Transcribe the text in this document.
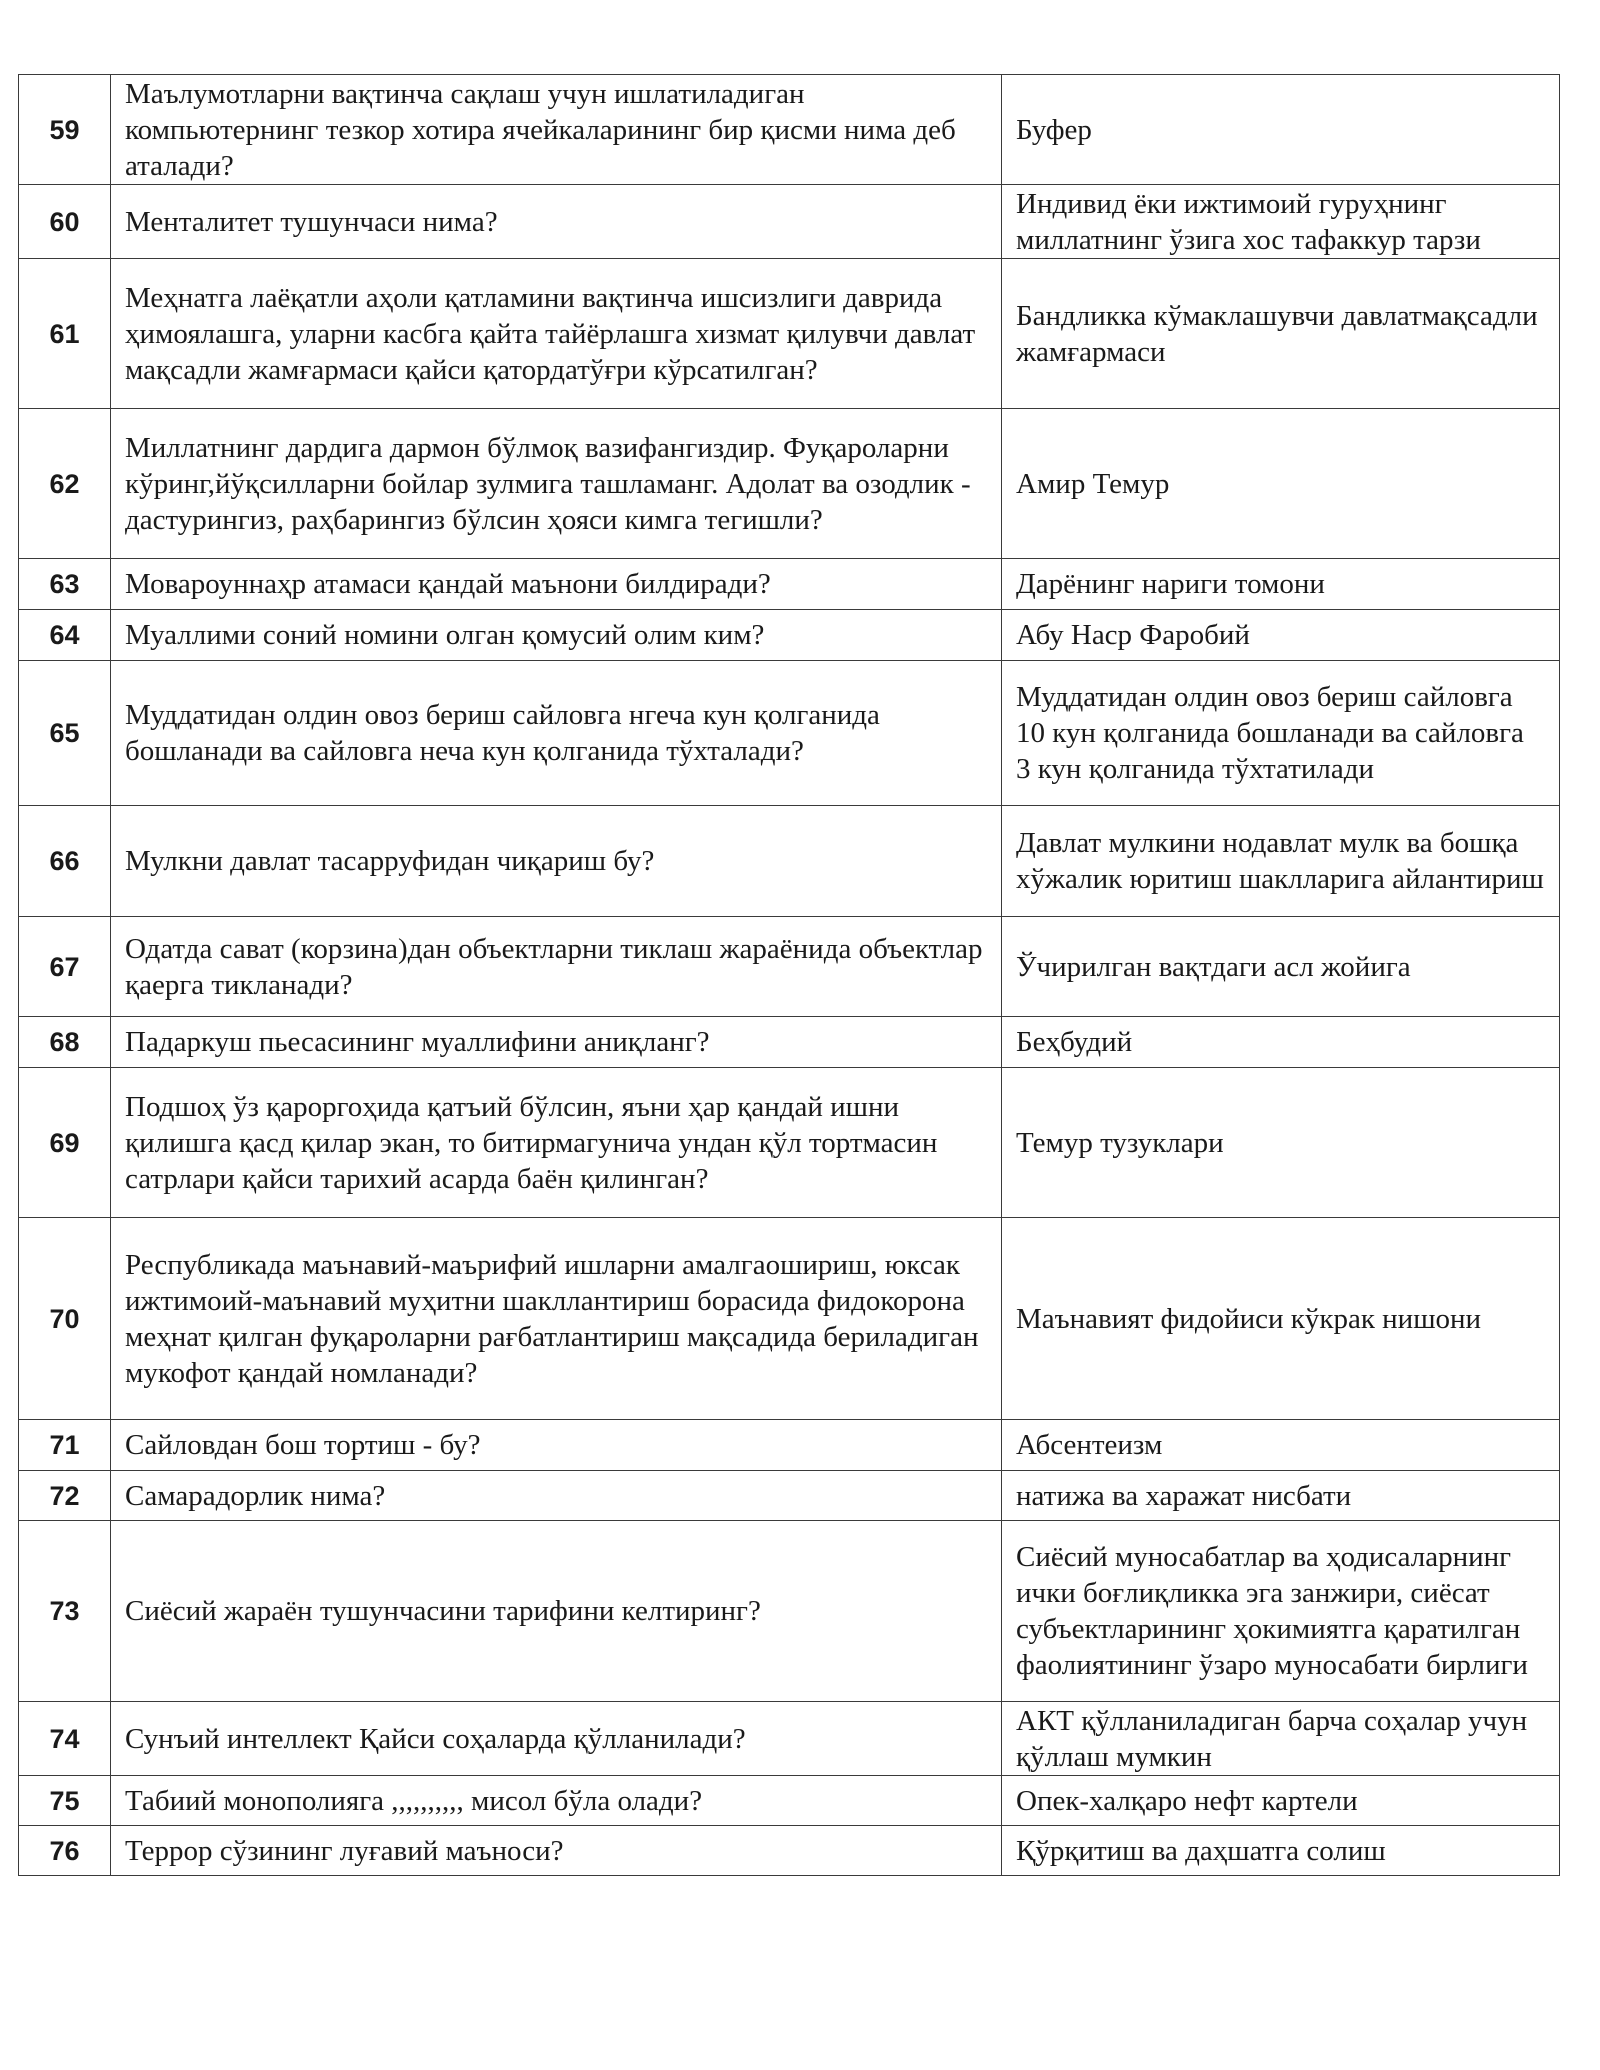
59	Маълумотларни вақтинча сақлаш учун ишлатиладиган компьютернинг тезкор хотира ячейкаларининг бир қисми нима деб аталади?	Буфер
60	Менталитет тушунчаси нима?	Индивид ёки ижтимоий гуруҳнинг миллатнинг ўзига хос тафаккур тарзи
61	Меҳнатга лаёқатли аҳоли қатламини вақтинча ишсизлиги даврида ҳимоялашга, уларни касбга қайта тайёрлашга хизмат қилувчи давлат мақсадли жамғармаси қайси қатордатўғри кўрсатилган?	Бандликка кўмаклашувчи давлатмақсадли жамғармаси
62	Миллатнинг дардига дармон бўлмоқ вазифангиздир. Фуқароларни кўринг,йўқсилларни бойлар зулмига ташламанг. Адолат ва озодлик - дастурингиз, раҳбарингиз бўлсин ҳояси кимга тегишли?	Амир Темур
63	Мовароуннаҳр атамаси қандай маънони билдиради?	Дарёнинг нариги томони
64	Муаллими соний номини олган қомусий олим ким?	Абу Наср Фаробий
65	Муддатидан олдин овоз бериш сайловга нгеча кун қолганида бошланади ва сайловга неча кун қолганида тўхталади?	Муддатидан олдин овоз бериш сайловга 10 кун қолганида бошланади ва сайловга 3 кун қолганида тўхтатилади
66	Мулкни давлат тасарруфидан чиқариш бу?	Давлат мулкини нодавлат мулк ва бошқа хўжалик юритиш шаклларига айлантириш
67	Одатда сават (корзина)дан объектларни тиклаш жараёнида объектлар қаерга тикланади?	Ўчирилган вақтдаги асл жойига
68	Падаркуш пьесасининг муаллифини аниқланг?	Беҳбудий
69	Подшоҳ ўз қароргоҳида қатъий бўлсин, яъни ҳар қандай ишни қилишга қасд қилар экан, то битирмагунича ундан қўл тортмасин сатрлари қайси тарихий асарда баён қилинган?	Темур тузуклари
70	Республикада маънавий-маърифий ишларни амалгаошириш, юксак ижтимоий-маънавий муҳитни шакллантириш борасида фидокорона меҳнат қилган фуқароларни рағбатлантириш мақсадида бериладиган мукофот қандай номланади?	Маънавият фидойиси кўкрак нишони
71	Сайловдан бош тортиш - бу?	Абсентеизм
72	Самарадорлик нима?	натижа ва харажат нисбати
73	Сиёсий жараён тушунчасини тарифини келтиринг?	Сиёсий муносабатлар ва ҳодисаларнинг ички боғлиқликка эга занжири, сиёсат субъектларининг ҳокимиятга қаратилган фаолиятининг ўзаро муносабати бирлиги
74	Сунъий интеллект Қайси соҳаларда қўлланилади?	АКТ қўлланиладиган барча соҳалар учун қўллаш мумкин
75	Табиий монополияга ,,,,,,,,,, мисол бўла олади?	Опек-халқаро нефт картели
76	Террор сўзининг луғавий маъноси?	Қўрқитиш ва даҳшатга солиш
